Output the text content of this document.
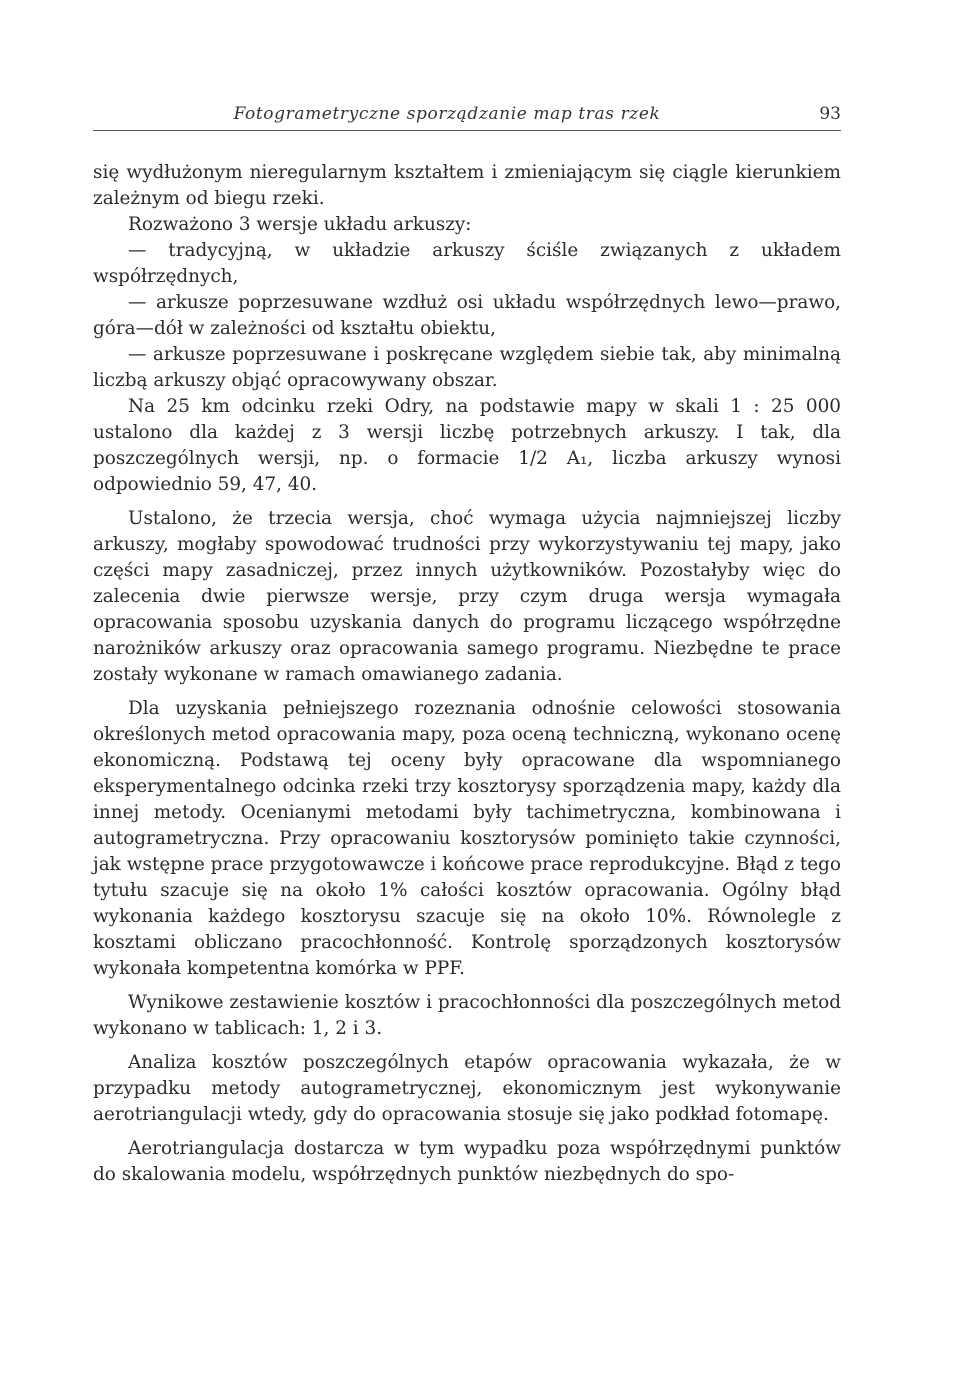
Fotogrametryczne sporządzanie map tras rzek	93

się wydłużonym nieregularnym kształtem i zmieniającym się ciągle kierunkiem zależnym od biegu rzeki.

Rozważono 3 wersje układu arkuszy:

— tradycyjną, w układzie arkuszy ściśle związanych z układem współrzędnych,

— arkusze poprzesuwane wzdłuż osi układu współrzędnych lewo—prawo, góra—dół w zależności od kształtu obiektu,

— arkusze poprzesuwane i poskręcane względem siebie tak, aby minimalną liczbą arkuszy objąć opracowywany obszar.

Na 25 km odcinku rzeki Odry, na podstawie mapy w skali 1 : 25 000 ustalono dla każdej z 3 wersji liczbę potrzebnych arkuszy. I tak, dla poszczególnych wersji, np. o formacie 1/2 A₁, liczba arkuszy wynosi odpowiednio 59, 47, 40.

Ustalono, że trzecia wersja, choć wymaga użycia najmniejszej liczby arkuszy, mogłaby spowodować trudności przy wykorzystywaniu tej mapy, jako części mapy zasadniczej, przez innych użytkowników. Pozostałyby więc do zalecenia dwie pierwsze wersje, przy czym druga wersja wymagała opracowania sposobu uzyskania danych do programu liczącego współrzędne narożników arkuszy oraz opracowania samego programu. Niezbędne te prace zostały wykonane w ramach omawianego zadania.

Dla uzyskania pełniejszego rozeznania odnośnie celowości stosowania określonych metod opracowania mapy, poza oceną techniczną, wykonano ocenę ekonomiczną. Podstawą tej oceny były opracowane dla wspomnianego eksperymentalnego odcinka rzeki trzy kosztorysy sporządzenia mapy, każdy dla innej metody. Ocenianymi metodami były tachimetryczna, kombinowana i autogrametryczna. Przy opracowaniu kosztorysów pominięto takie czynności, jak wstępne prace przygotowawcze i końcowe prace reprodukcyjne. Błąd z tego tytułu szacuje się na około 1% całości kosztów opracowania. Ogólny błąd wykonania każdego kosztorysu szacuje się na około 10%. Równolegle z kosztami obliczano pracochłonność. Kontrolę sporządzonych kosztorysów wykonała kompetentna komórka w PPF.

Wynikowe zestawienie kosztów i pracochłonności dla poszczególnych metod wykonano w tablicach: 1, 2 i 3.

Analiza kosztów poszczególnych etapów opracowania wykazała, że w przypadku metody autogrametrycznej, ekonomicznym jest wykonywanie aerotriangulacji wtedy, gdy do opracowania stosuje się jako podkład fotomapę.

Aerotriangulacja dostarcza w tym wypadku poza współrzędnymi punktów do skalowania modelu, współrzędnych punktów niezbędnych do spo-
